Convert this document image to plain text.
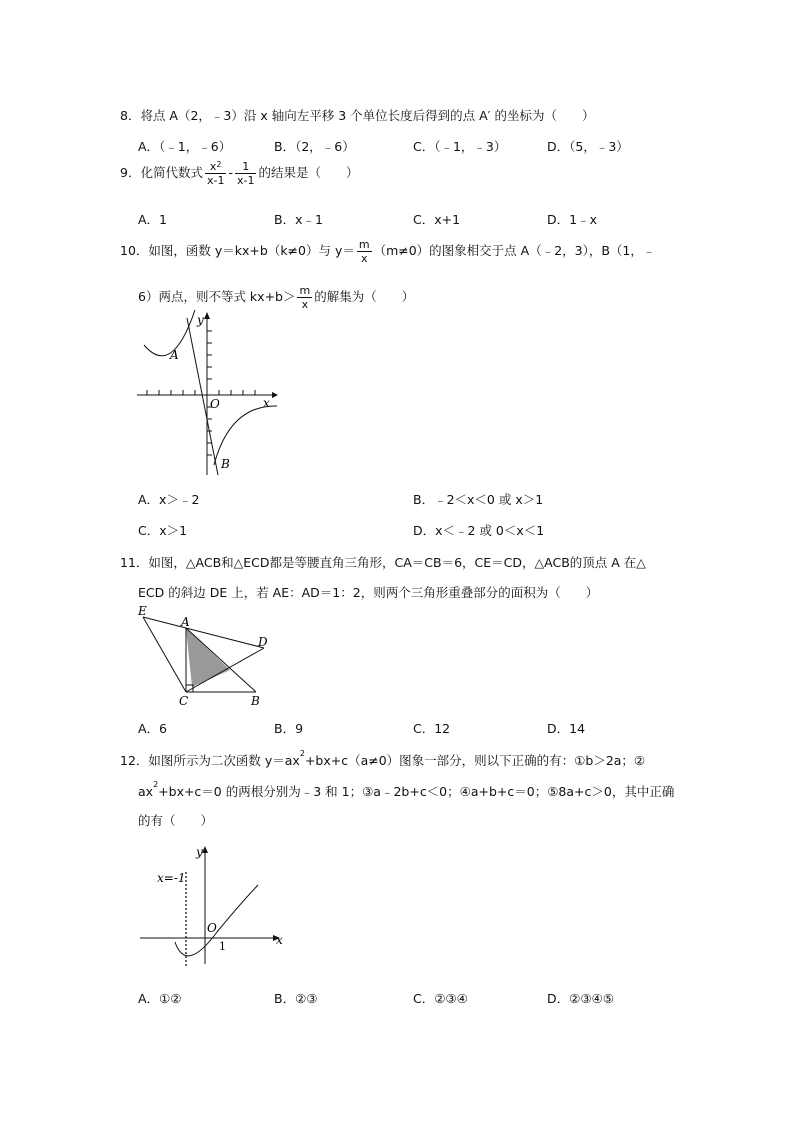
8．将点 A（2，﹣3）沿 x 轴向左平移 3 个单位长度后得到的点 A′ 的坐标为（　　）
A．（﹣1，﹣6）	B．（2，﹣6）	C．（﹣1，﹣3）	D．（5，﹣3）
9．化简代数式 $\frac{x^2}{x-1} - \frac{1}{x-1}$ 的结果是（　　）
A．1	B．x﹣1	C．x+1	D．1﹣x
10．如图，函数 y＝kx+b（k≠0）与 $y= \frac{m}{x} (m\ne 0)$的图象相交于点 A（﹣2，3），B（1，﹣
6）两点，则不等式 $kx+b> \frac{m}{x}$ 的解集为（　　）
y
x
O
A
B
A．x＞﹣2	B．﹣2＜x＜0 或 x＞1
C．x＞1	D．x＜﹣2 或 0＜x＜1
11．如图，△ACB和△ECD都是等腰直角三角形，CA＝CB＝6，CE＝CD，△ACB的顶点 A 在△
ECD 的斜边 DE 上，若 AE：AD＝1：2，则两个三角形重叠部分的面积为（　　）
E
A
D
C	B
A．6	B．9	C．12	D．14
12．如图所示为二次函数 $y=ax^2+bx+c(a\ne 0)$图象一部分，则以下正确的有：①b＞2a；②
$ax^2+bx+c=0$ 的两根分别为﹣3 和 1；③a﹣2b+c＜0；④a+b+c＝0；⑤8a+c＞0，其中正确
的有（　　）
x=-1
y
x
O
1
A．①②	B．②③	C．②③④	D．②③④⑤
